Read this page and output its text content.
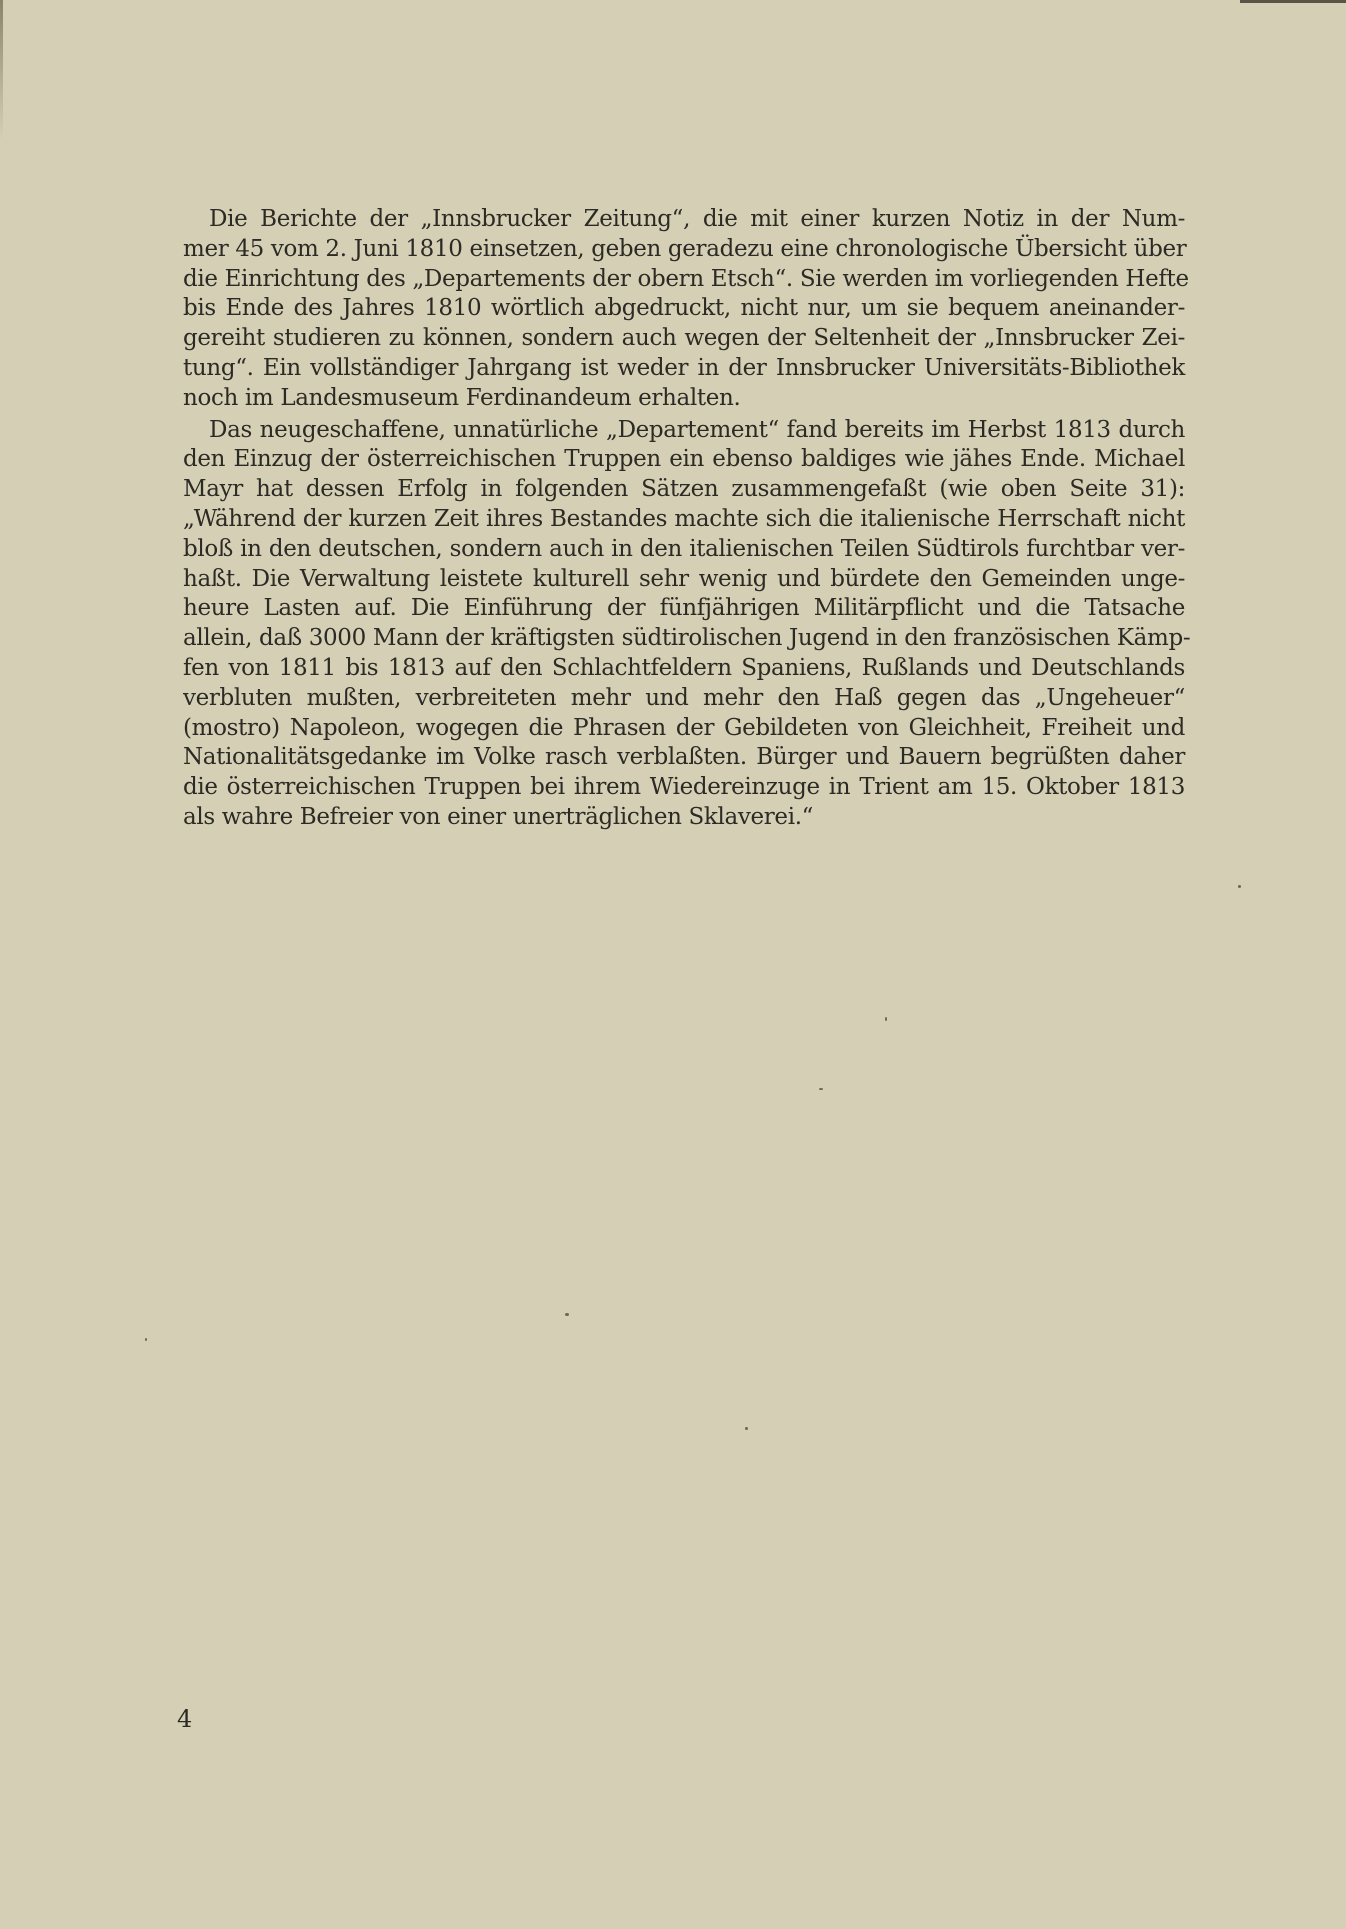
Die Berichte der „Innsbrucker Zeitung“, die mit einer kurzen Notiz in der Num-
mer 45 vom 2. Juni 1810 einsetzen, geben geradezu eine chronologische Übersicht über
die Einrichtung des „Departements der obern Etsch“. Sie werden im vorliegenden Hefte
bis Ende des Jahres 1810 wörtlich abgedruckt, nicht nur, um sie bequem aneinander-
gereiht studieren zu können, sondern auch wegen der Seltenheit der „Innsbrucker Zei-
tung“. Ein vollständiger Jahrgang ist weder in der Innsbrucker Universitäts-Bibliothek
noch im Landesmuseum Ferdinandeum erhalten.
Das neugeschaffene, unnatürliche „Departement“ fand bereits im Herbst 1813 durch
den Einzug der österreichischen Truppen ein ebenso baldiges wie jähes Ende. Michael
Mayr hat dessen Erfolg in folgenden Sätzen zusammengefaßt (wie oben Seite 31):
„Während der kurzen Zeit ihres Bestandes machte sich die italienische Herrschaft nicht
bloß in den deutschen, sondern auch in den italienischen Teilen Südtirols furchtbar ver-
haßt. Die Verwaltung leistete kulturell sehr wenig und bürdete den Gemeinden unge-
heure Lasten auf. Die Einführung der fünfjährigen Militärpflicht und die Tatsache
allein, daß 3000 Mann der kräftigsten südtirolischen Jugend in den französischen Kämp-
fen von 1811 bis 1813 auf den Schlachtfeldern Spaniens, Rußlands und Deutschlands
verbluten mußten, verbreiteten mehr und mehr den Haß gegen das „Ungeheuer“
(mostro) Napoleon, wogegen die Phrasen der Gebildeten von Gleichheit, Freiheit und
Nationalitätsgedanke im Volke rasch verblaßten. Bürger und Bauern begrüßten daher
die österreichischen Truppen bei ihrem Wiedereinzuge in Trient am 15. Oktober 1813
als wahre Befreier von einer unerträglichen Sklaverei.“
4
